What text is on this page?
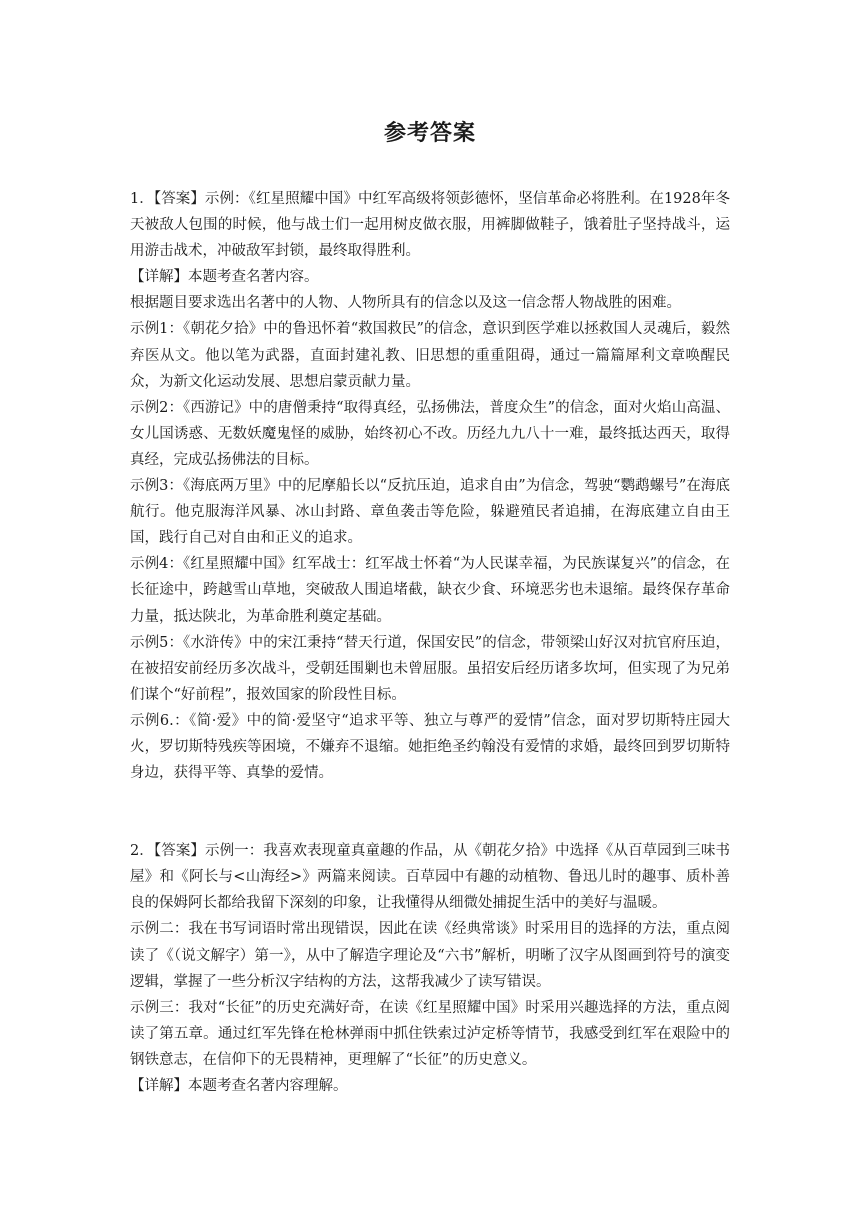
参考答案

1．【答案】示例：《红星照耀中国》中红军高级将领彭德怀，坚信革命必将胜利。在1928年冬天被敌人包围的时候，他与战士们一起用树皮做衣服，用裤脚做鞋子，饿着肚子坚持战斗，运用游击战术，冲破敌军封锁，最终取得胜利。

【详解】本题考查名著内容。

根据题目要求选出名著中的人物、人物所具有的信念以及这一信念帮人物战胜的困难。

示例1：《朝花夕拾》中的鲁迅怀着“救国救民”的信念，意识到医学难以拯救国人灵魂后，毅然弃医从文。他以笔为武器，直面封建礼教、旧思想的重重阻碍，通过一篇篇犀利文章唤醒民众，为新文化运动发展、思想启蒙贡献力量。

示例2：《西游记》中的唐僧秉持“取得真经，弘扬佛法，普度众生”的信念，面对火焰山高温、女儿国诱惑、无数妖魔鬼怪的威胁，始终初心不改。历经九九八十一难，最终抵达西天，取得真经，完成弘扬佛法的目标。

示例3：《海底两万里》中的尼摩船长以“反抗压迫，追求自由”为信念，驾驶“鹦鹉螺号”在海底航行。他克服海洋风暴、冰山封路、章鱼袭击等危险，躲避殖民者追捕，在海底建立自由王国，践行自己对自由和正义的追求。

示例4：《红星照耀中国》红军战士：红军战士怀着“为人民谋幸福，为民族谋复兴”的信念，在长征途中，跨越雪山草地，突破敌人围追堵截，缺衣少食、环境恶劣也未退缩。最终保存革命力量，抵达陕北，为革命胜利奠定基础。

示例5：《水浒传》中的宋江秉持“替天行道，保国安民”的信念，带领梁山好汉对抗官府压迫，在被招安前经历多次战斗，受朝廷围剿也未曾屈服。虽招安后经历诸多坎坷，但实现了为兄弟们谋个“好前程”，报效国家的阶段性目标。

示例6.：《简·爱》中的简·爱坚守“追求平等、独立与尊严的爱情”信念，面对罗切斯特庄园大火，罗切斯特残疾等困境，不嫌弃不退缩。她拒绝圣约翰没有爱情的求婚，最终回到罗切斯特身边，获得平等、真挚的爱情。

2．【答案】示例一：我喜欢表现童真童趣的作品，从《朝花夕拾》中选择《从百草园到三味书屋》和《阿长与<山海经>》两篇来阅读。百草园中有趣的动植物、鲁迅儿时的趣事、质朴善良的保姆阿长都给我留下深刻的印象，让我懂得从细微处捕捉生活中的美好与温暖。

示例二：我在书写词语时常出现错误，因此在读《经典常谈》时采用目的选择的方法，重点阅读了《（说文解字）第一》，从中了解造字理论及“六书”解析，明晰了汉字从图画到符号的演变逻辑，掌握了一些分析汉字结构的方法，这帮我减少了读写错误。

示例三：我对“长征”的历史充满好奇，在读《红星照耀中国》时采用兴趣选择的方法，重点阅读了第五章。通过红军先锋在枪林弹雨中抓住铁索过泸定桥等情节，我感受到红军在艰险中的钢铁意志，在信仰下的无畏精神，更理解了“长征”的历史意义。

【详解】本题考查名著内容理解。
